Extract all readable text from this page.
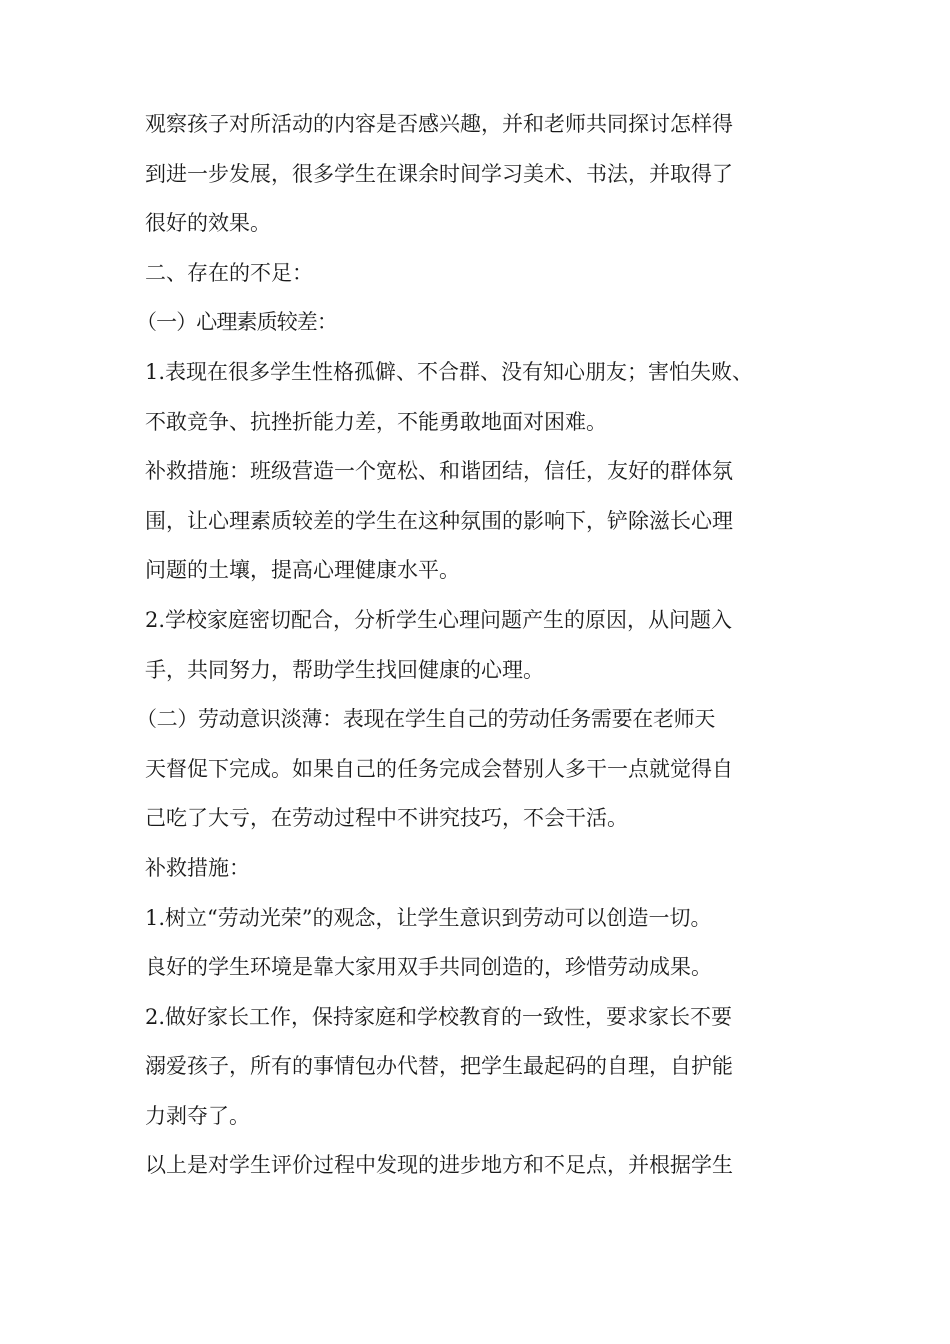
观察孩子对所活动的内容是否感兴趣，并和老师共同探讨怎样得
到进一步发展，很多学生在课余时间学习美术、书法，并取得了
很好的效果。
二、存在的不足：
（一）心理素质较差：
1.表现在很多学生性格孤僻、不合群、没有知心朋友；害怕失败、
不敢竞争、抗挫折能力差，不能勇敢地面对困难。
补救措施：班级营造一个宽松、和谐团结，信任，友好的群体氛
围，让心理素质较差的学生在这种氛围的影响下，铲除滋长心理
问题的土壤，提高心理健康水平。
2.学校家庭密切配合，分析学生心理问题产生的原因，从问题入
手，共同努力，帮助学生找回健康的心理。
（二）劳动意识淡薄：表现在学生自己的劳动任务需要在老师天
天督促下完成。如果自己的任务完成会替别人多干一点就觉得自
己吃了大亏，在劳动过程中不讲究技巧，不会干活。
补救措施：
1.树立“劳动光荣”的观念，让学生意识到劳动可以创造一切。
良好的学生环境是靠大家用双手共同创造的，珍惜劳动成果。
2.做好家长工作，保持家庭和学校教育的一致性，要求家长不要
溺爱孩子，所有的事情包办代替，把学生最起码的自理，自护能
力剥夺了。
以上是对学生评价过程中发现的进步地方和不足点，并根据学生
